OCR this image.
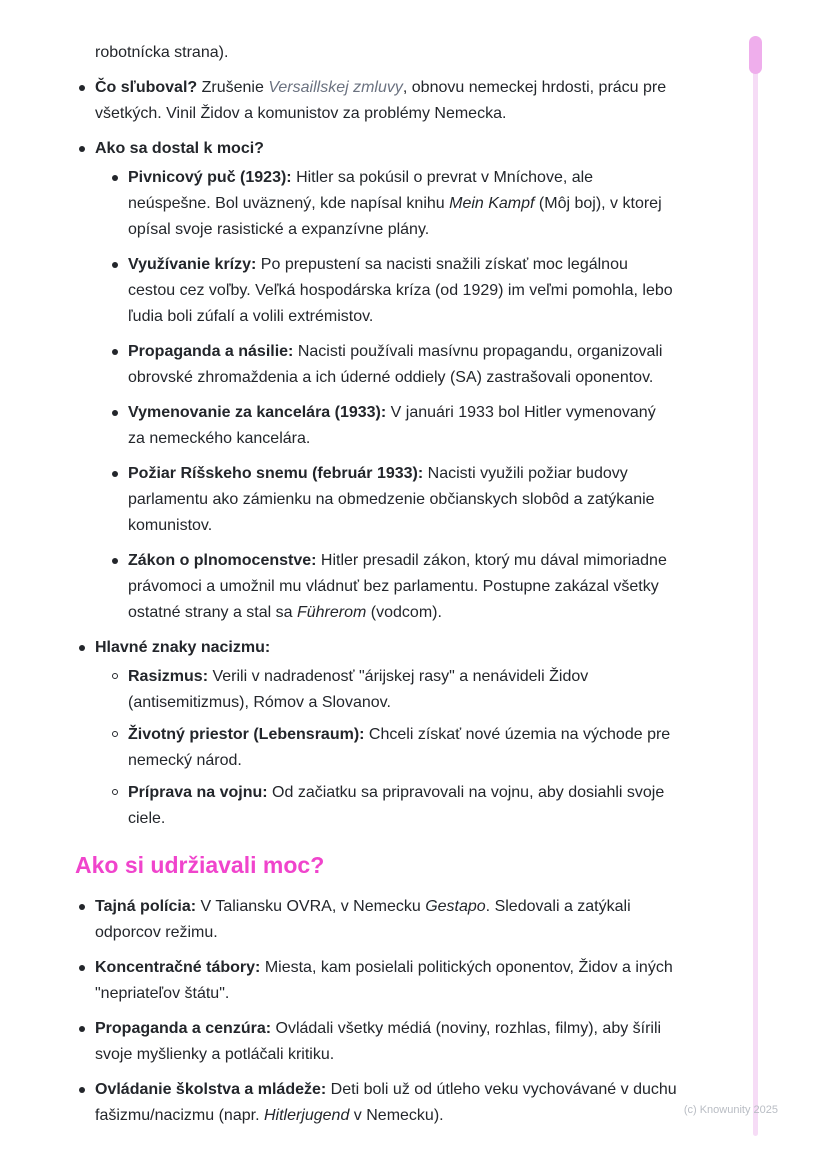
robotnícka strana).

Čo sľuboval? Zrušenie Versaillskej zmluvy, obnovu nemeckej hrdosti, prácu pre všetkých. Vinil Židov a komunistov za problémy Nemecka.
Ako sa dostal k moci?
Pivnicový puč (1923): Hitler sa pokúsil o prevrat v Mníchove, ale neúspešne. Bol uväznený, kde napísal knihu Mein Kampf (Môj boj), v ktorej opísal svoje rasistické a expanzívne plány.
Využívanie krízy: Po prepustení sa nacisti snažili získať moc legálnou cestou cez voľby. Veľká hospodárska kríza (od 1929) im veľmi pomohla, lebo ľudia boli zúfalí a volili extrémistov.
Propaganda a násilie: Nacisti používali masívnu propagandu, organizovali obrovské zhromaždenia a ich úderné oddiely (SA) zastrašovali oponentov.
Vymenovanie za kancelára (1933): V januári 1933 bol Hitler vymenovaný za nemeckého kancelára.
Požiar Ríšskeho snemu (február 1933): Nacisti využili požiar budovy parlamentu ako zámienku na obmedzenie občianskych slobôd a zatýkanie komunistov.
Zákon o plnomocenstve: Hitler presadil zákon, ktorý mu dával mimoriadne právomoci a umožnil mu vládnuť bez parlamentu. Postupne zakázal všetky ostatné strany a stal sa Führerom (vodcom).
Hlavné znaky nacizmu:
Rasizmus: Verili v nadradenosť "árijskej rasy" a nenávideli Židov (antisemitizmus), Rómov a Slovanov.
Životný priestor (Lebensraum): Chceli získať nové územia na východe pre nemecký národ.
Príprava na vojnu: Od začiatku sa pripravovali na vojnu, aby dosiahli svoje ciele.
Ako si udržiavali moc?
Tajná polícia: V Taliansku OVRA, v Nemecku Gestapo. Sledovali a zatýkali odporcov režimu.
Koncentračné tábory: Miesta, kam posielali politických oponentov, Židov a iných "nepriateľov štátu".
Propaganda a cenzúra: Ovládali všetky médiá (noviny, rozhlas, filmy), aby šírili svoje myšlienky a potláčali kritiku.
Ovládanie školstva a mládeže: Deti boli už od útleho veku vychovávané v duchu fašizmu/nacizmu (napr. Hitlerjugend v Nemecku).	(c) Knowunity 2025
